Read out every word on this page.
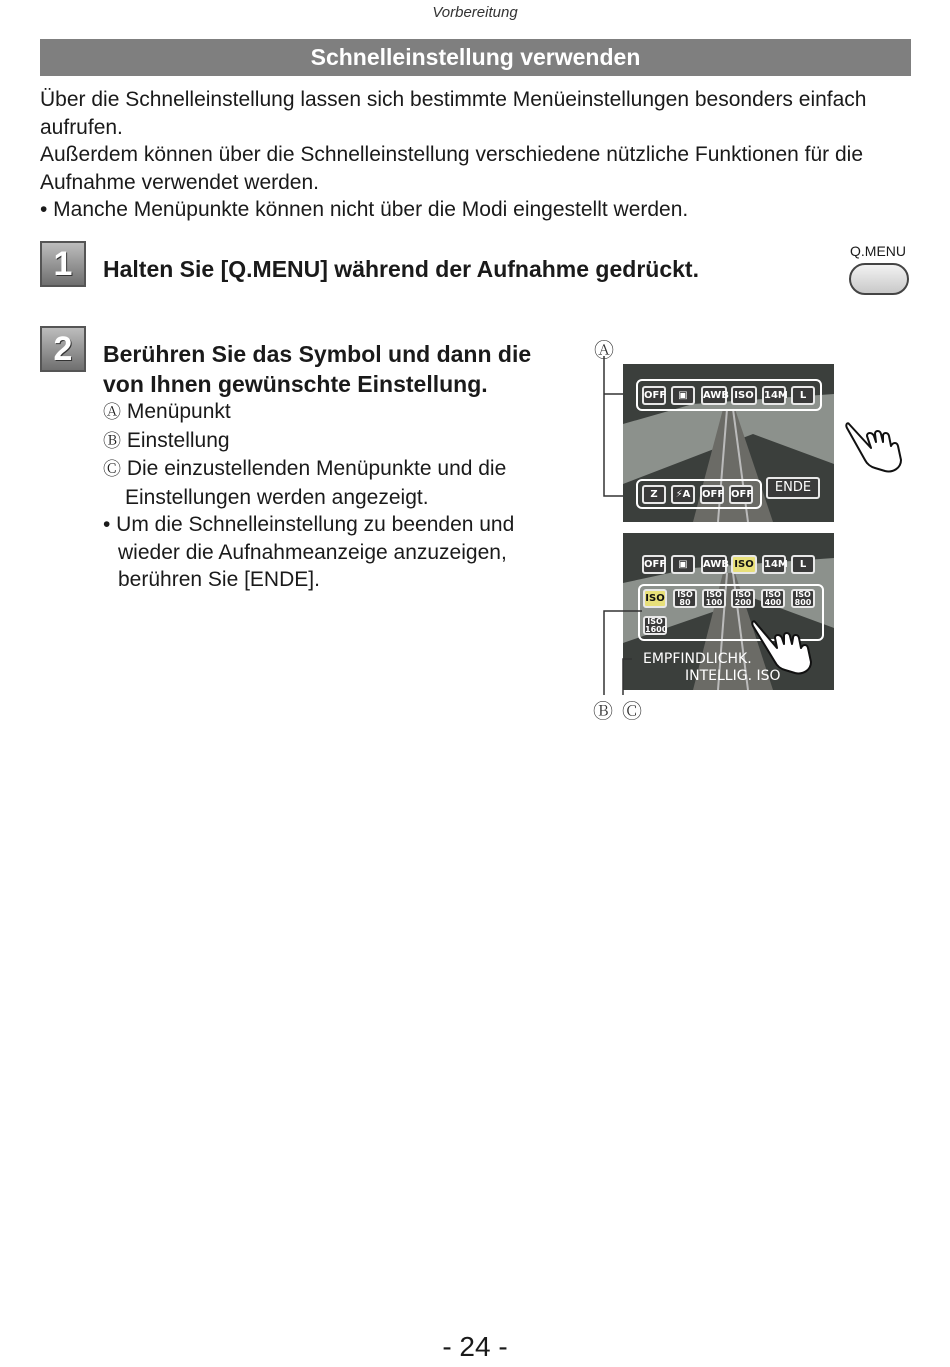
Vorbereitung
Schnelleinstellung verwenden

Über die Schnelleinstellung lassen sich bestimmte Menüeinstellungen besonders einfach aufrufen.

Außerdem können über die Schnelleinstellung verschiedene nützliche Funktionen für die Aufnahme verwendet werden.

• Manche Menüpunkte können nicht über die Modi eingestellt werden.

1	Halten Sie [Q.MENU] während der Aufnahme gedrückt.
Q.MENU
2	Berühren Sie das Symbol und dann die
von Ihnen gewünschte Einstellung.
Ⓐ Menüpunkt
Ⓑ Einstellung
Ⓒ Die einzustellenden Menüpunkte und die
Einstellungen werden angezeigt.
• Um die Schnelleinstellung zu beenden und
wieder die Aufnahmeanzeige anzuzeigen,
berühren Sie [ENDE].
Ⓐ
OFF	▣	AWB ISO	14M	L
Z	⚡A	OFF OFF	ENDE
OFF	▣	AWB ISO	14M	L
ISO	ISO 80
ISO 100
ISO 200
ISO 400
ISO 800
ISO 1600
EMPFINDLICHK.
INTELLIG. ISO
Ⓑ Ⓒ
- 24 -
